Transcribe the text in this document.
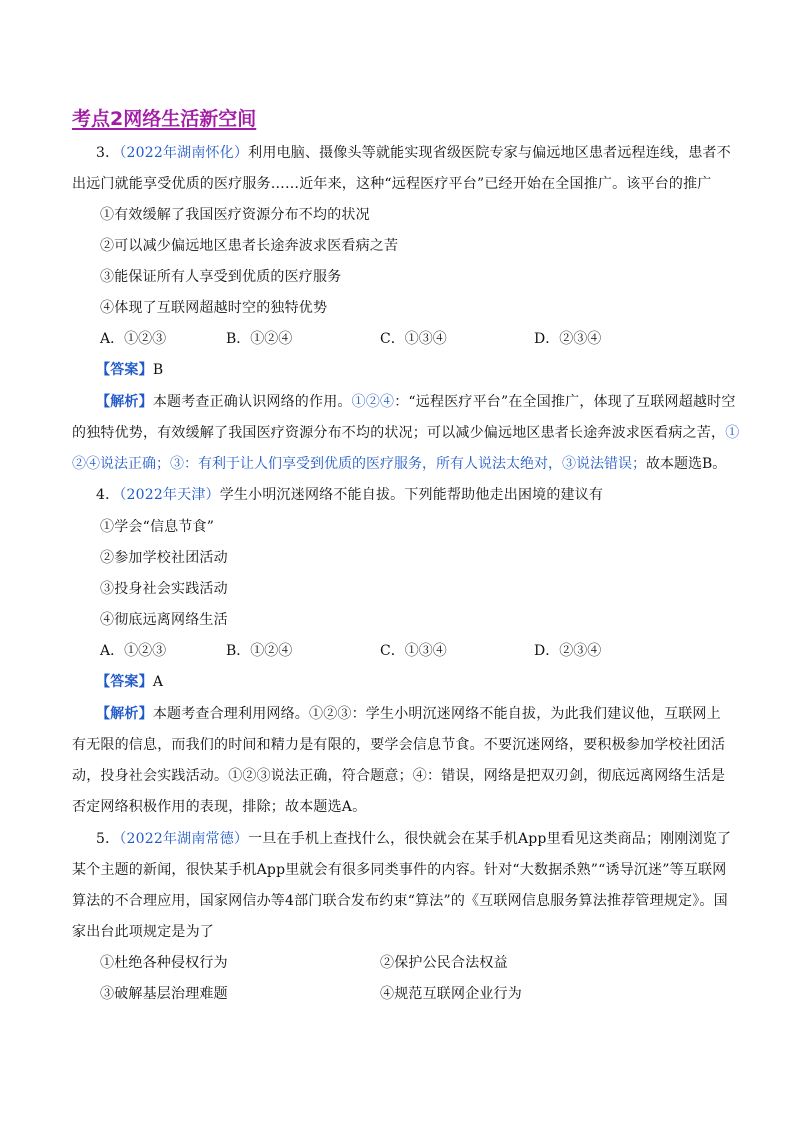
考点2网络生活新空间
3．（2022年湖南怀化）利用电脑、摄像头等就能实现省级医院专家与偏远地区患者远程连线，患者不
出远门就能享受优质的医疗服务……近年来，这种“远程医疗平台”已经开始在全国推广。该平台的推广
①有效缓解了我国医疗资源分布不均的状况
②可以减少偏远地区患者长途奔波求医看病之苦
③能保证所有人享受到优质的医疗服务
④体现了互联网超越时空的独特优势
A．①②③	B．①②④	C．①③④	D．②③④
【答案】B
【解析】本题考查正确认识网络的作用。①②④：“远程医疗平台”在全国推广，体现了互联网超越时空
的独特优势，有效缓解了我国医疗资源分布不均的状况；可以减少偏远地区患者长途奔波求医看病之苦，①
②④说法正确；③：有利于让人们享受到优质的医疗服务，所有人说法太绝对，③说法错误；故本题选B。
4．（2022年天津）学生小明沉迷网络不能自拔。下列能帮助他走出困境的建议有
①学会“信息节食”
②参加学校社团活动
③投身社会实践活动
④彻底远离网络生活
A．①②③	B．①②④	C．①③④	D．②③④
【答案】A
【解析】本题考查合理利用网络。①②③：学生小明沉迷网络不能自拔，为此我们建议他，互联网上
有无限的信息，而我们的时间和精力是有限的，要学会信息节食。不要沉迷网络，要积极参加学校社团活
动，投身社会实践活动。①②③说法正确，符合题意；④：错误，网络是把双刃剑，彻底远离网络生活是
否定网络积极作用的表现，排除；故本题选A。
5．（2022年湖南常德）一旦在手机上查找什么，很快就会在某手机App里看见这类商品；刚刚浏览了
某个主题的新闻，很快某手机App里就会有很多同类事件的内容。针对“大数据杀熟”“诱导沉迷”等互联网
算法的不合理应用，国家网信办等4部门联合发布约束“算法”的《互联网信息服务算法推荐管理规定》。国
家出台此项规定是为了
①杜绝各种侵权行为	②保护公民合法权益
③破解基层治理难题	④规范互联网企业行为
